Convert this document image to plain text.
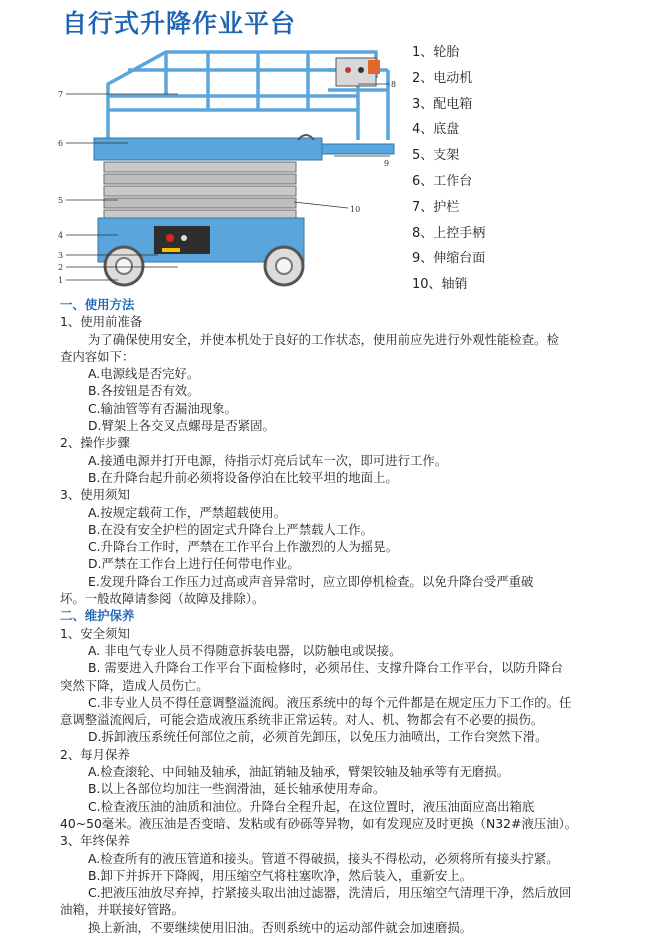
自行式升降作业平台
7
6
5
4
3
2
1
8
9
10
1、轮胎
2、电动机
3、配电箱
4、底盘
5、支架
6、工作台
7、护栏
8、上控手柄
9、伸缩台面
10、轴销
一、使用方法
1、使用前准备
为了确保使用安全，并使本机处于良好的工作状态，使用前应先进行外观性能检查。检
查内容如下：
A.电源线是否完好。
B.各按钮是否有效。
C.输油管等有否漏油现象。
D.臂架上各交叉点螺母是否紧固。
2、操作步骤
A.接通电源并打开电源，待指示灯亮后试车一次，即可进行工作。
B.在升降台起升前必须将设备停泊在比较平坦的地面上。
3、使用须知
A.按规定载荷工作，严禁超载使用。
B.在没有安全护栏的固定式升降台上严禁载人工作。
C.升降台工作时，严禁在工作平台上作激烈的人为摇晃。
D.严禁在工作台上进行任何带电作业。
E.发现升降台工作压力过高或声音异常时，应立即停机检查。以免升降台受严重破
坏。一般故障请参阅（故障及排除）。
二、维护保养
1、安全须知
A. 非电气专业人员不得随意拆装电器，以防触电或误接。
B. 需要进入升降台工作平台下面检修时，必须吊住、支撑升降台工作平台，以防升降台
突然下降，造成人员伤亡。
C.非专业人员不得任意调整溢流阀。液压系统中的每个元件都是在规定压力下工作的。任
意调整溢流阀后，可能会造成液压系统非正常运转。对人、机、物都会有不必要的损伤。
D.拆卸液压系统任何部位之前，必须首先卸压，以免压力油喷出，工作台突然下滑。
2、每月保养
A.检查滚轮、中间轴及轴承，油缸销轴及轴承，臂架铰轴及轴承等有无磨损。
B.以上各部位均加注一些润滑油，延长轴承使用寿命。
C.检查液压油的油质和油位。升降台全程升起，在这位置时，液压油面应高出箱底
40~50毫米。液压油是否变暗、发粘或有砂砾等异物，如有发现应及时更换（N32#液压油）。
3、年终保养
A.检查所有的液压管道和接头。管道不得破损，接头不得松动，必须将所有接头拧紧。
B.卸下并拆开下降阀，用压缩空气将柱塞吹净，然后装入，重新安上。
C.把液压油放尽弃掉，拧紧接头取出油过滤器，洗清后，用压缩空气清理干净，然后放回
油箱，并联接好管路。
换上新油，不要继续使用旧油。否则系统中的运动部件就会加速磨损。
